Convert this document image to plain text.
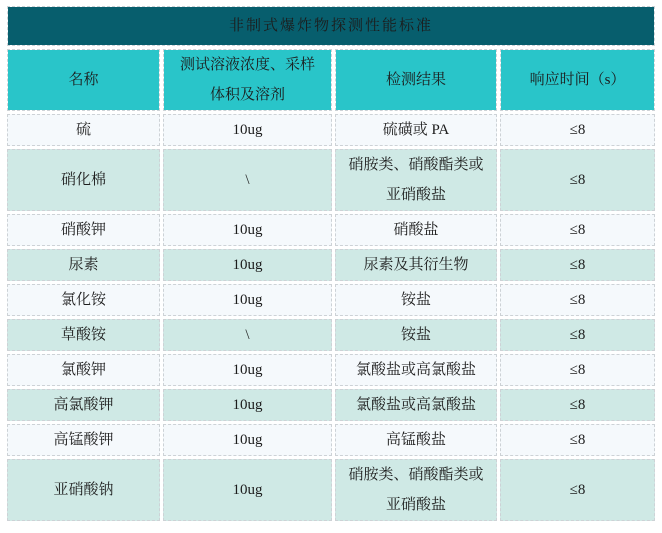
非制式爆炸物探测性能标准			
名称	测试溶液浓度、采样体积及溶剂	检测结果	响应时间（s）
硫	10ug	硫磺或 PA	≤8
硝化棉	\	硝胺类、硝酸酯类或亚硝酸盐	≤8
硝酸钾	10ug	硝酸盐	≤8
尿素	10ug	尿素及其衍生物	≤8
氯化铵	10ug	铵盐	≤8
草酸铵	\	铵盐	≤8
氯酸钾	10ug	氯酸盐或高氯酸盐	≤8
高氯酸钾	10ug	氯酸盐或高氯酸盐	≤8
高锰酸钾	10ug	高锰酸盐	≤8
亚硝酸钠	10ug	硝胺类、硝酸酯类或亚硝酸盐	≤8
